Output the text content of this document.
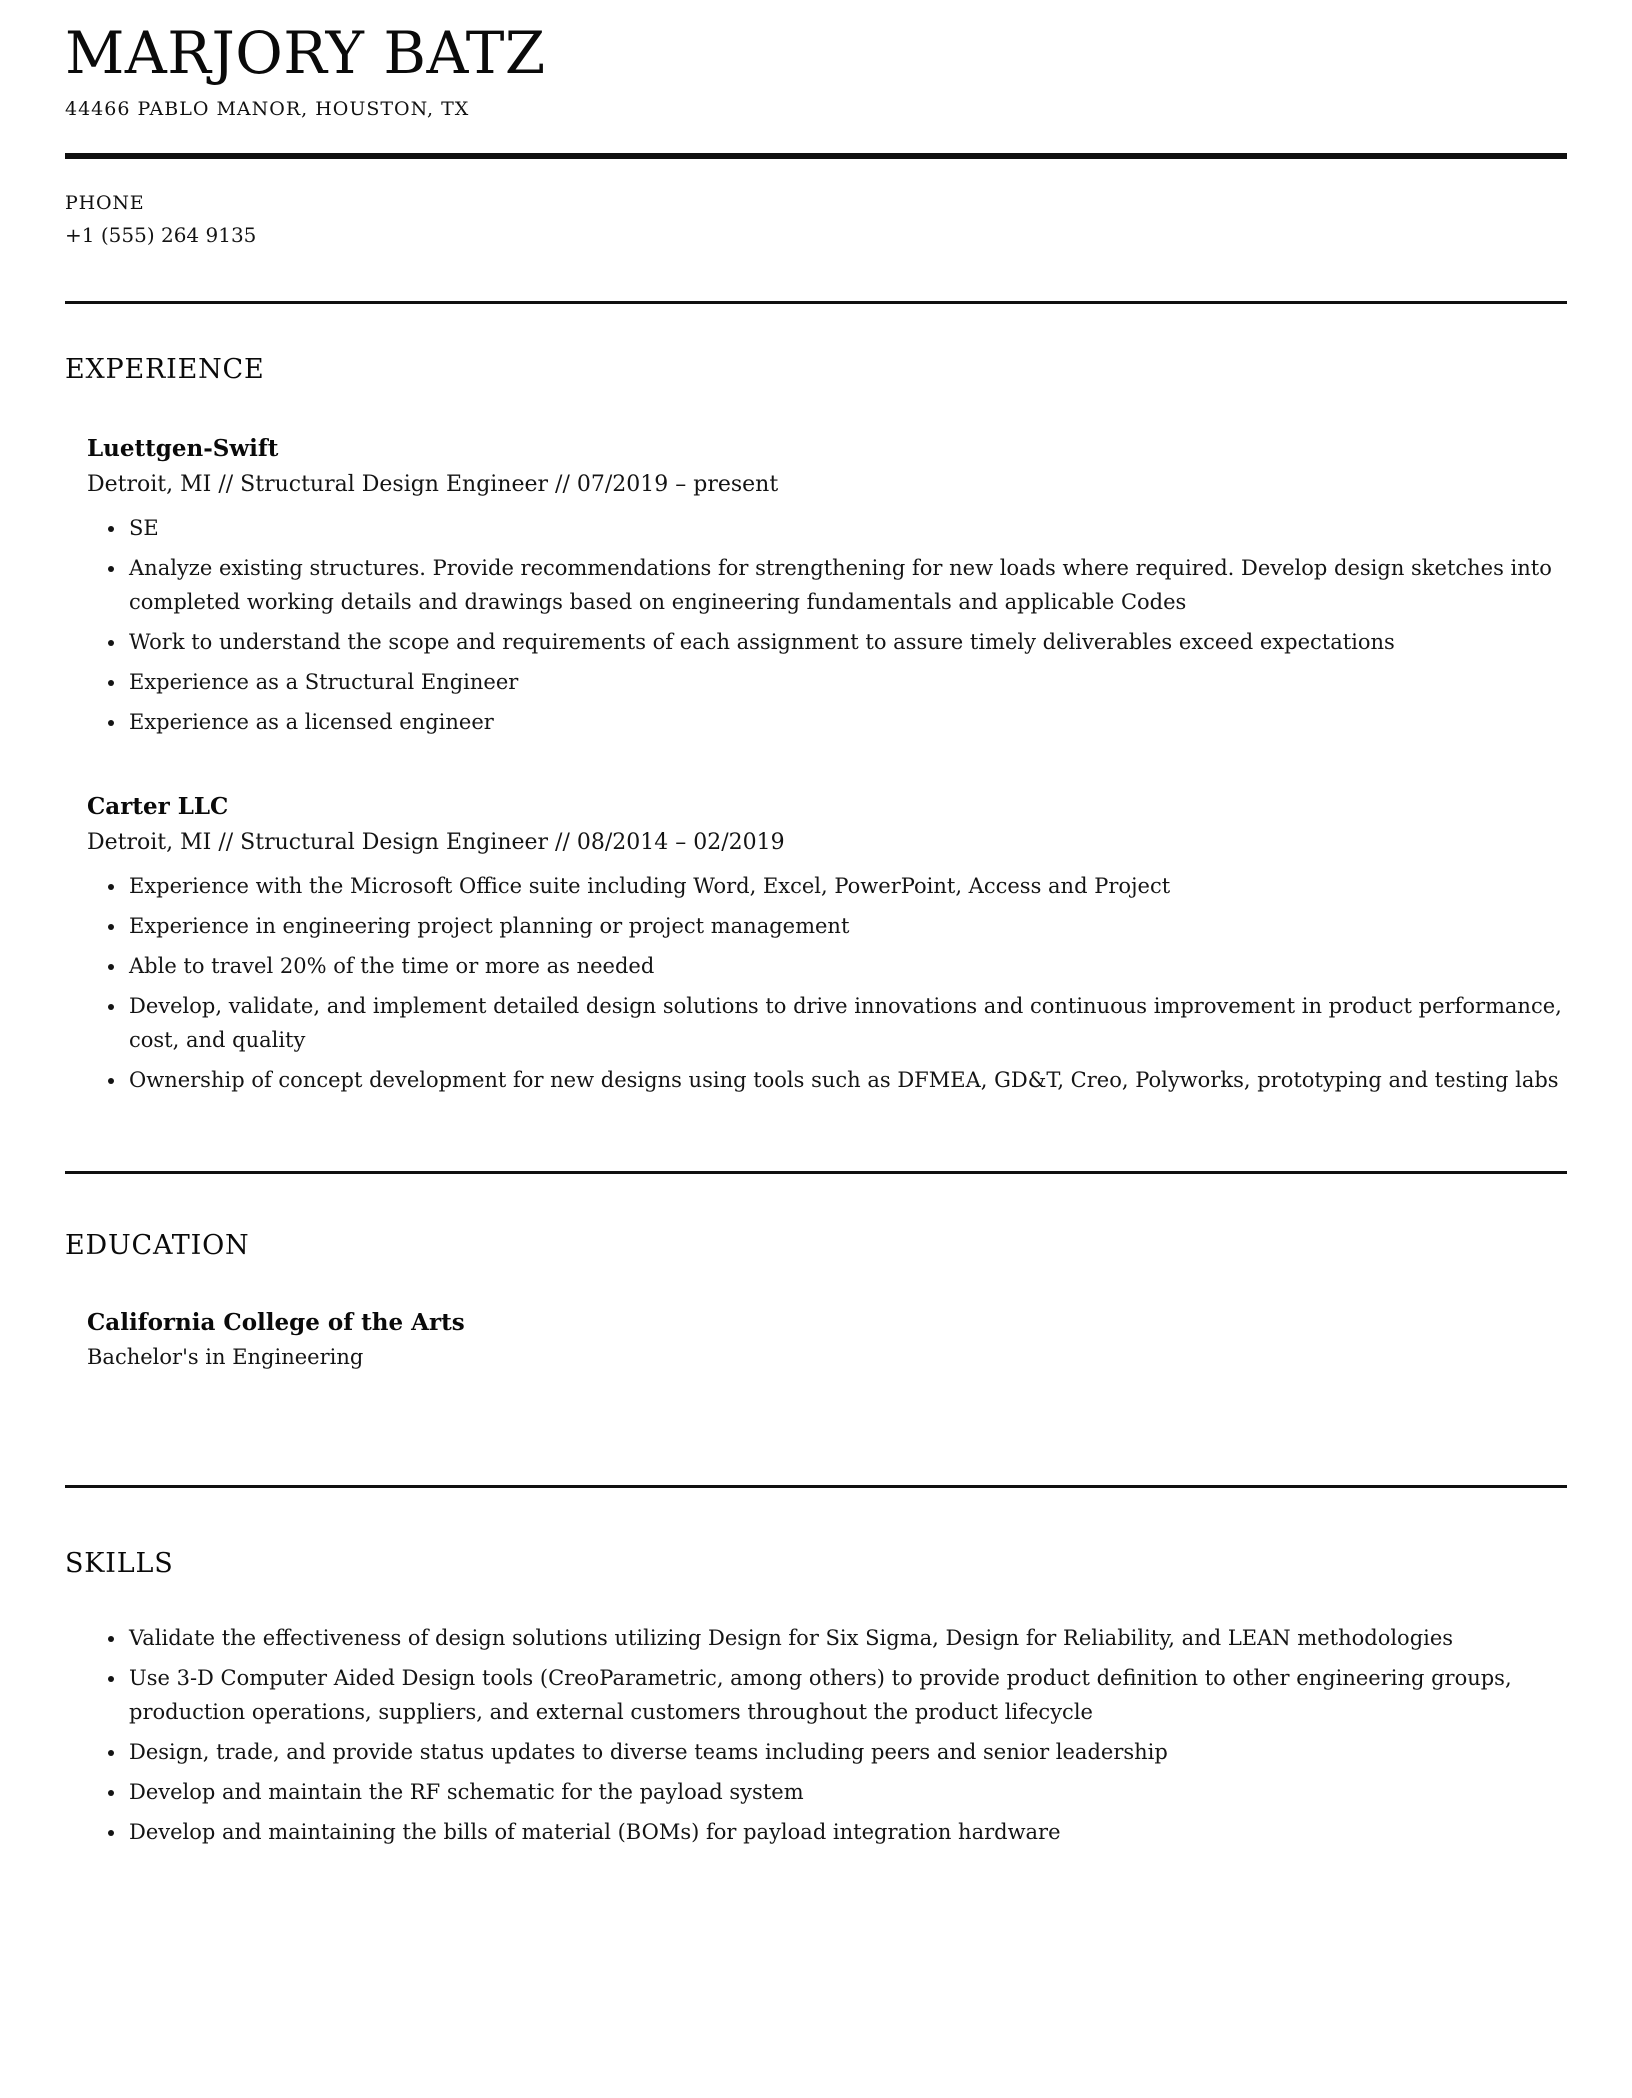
MARJORY BATZ
44466 PABLO MANOR, HOUSTON, TX
PHONE
+1 (555) 264 9135
EXPERIENCE
Luettgen-Swift
Detroit, MI // Structural Design Engineer // 07/2019 – present
• SE
• Analyze existing structures. Provide recommendations for strengthening for new loads where required. Develop design sketches into completed working details and drawings based on engineering fundamentals and applicable Codes
• Work to understand the scope and requirements of each assignment to assure timely deliverables exceed expectations
• Experience as a Structural Engineer
• Experience as a licensed engineer
Carter LLC
Detroit, MI // Structural Design Engineer // 08/2014 – 02/2019
• Experience with the Microsoft Office suite including Word, Excel, PowerPoint, Access and Project
• Experience in engineering project planning or project management
• Able to travel 20% of the time or more as needed
• Develop, validate, and implement detailed design solutions to drive innovations and continuous improvement in product performance, cost, and quality
• Ownership of concept development for new designs using tools such as DFMEA, GD&T, Creo, Polyworks, prototyping and testing labs
EDUCATION
California College of the Arts
Bachelor's in Engineering
SKILLS
• Validate the effectiveness of design solutions utilizing Design for Six Sigma, Design for Reliability, and LEAN methodologies
• Use 3-D Computer Aided Design tools (CreoParametric, among others) to provide product definition to other engineering groups, production operations, suppliers, and external customers throughout the product lifecycle
• Design, trade, and provide status updates to diverse teams including peers and senior leadership
• Develop and maintain the RF schematic for the payload system
• Develop and maintaining the bills of material (BOMs) for payload integration hardware
